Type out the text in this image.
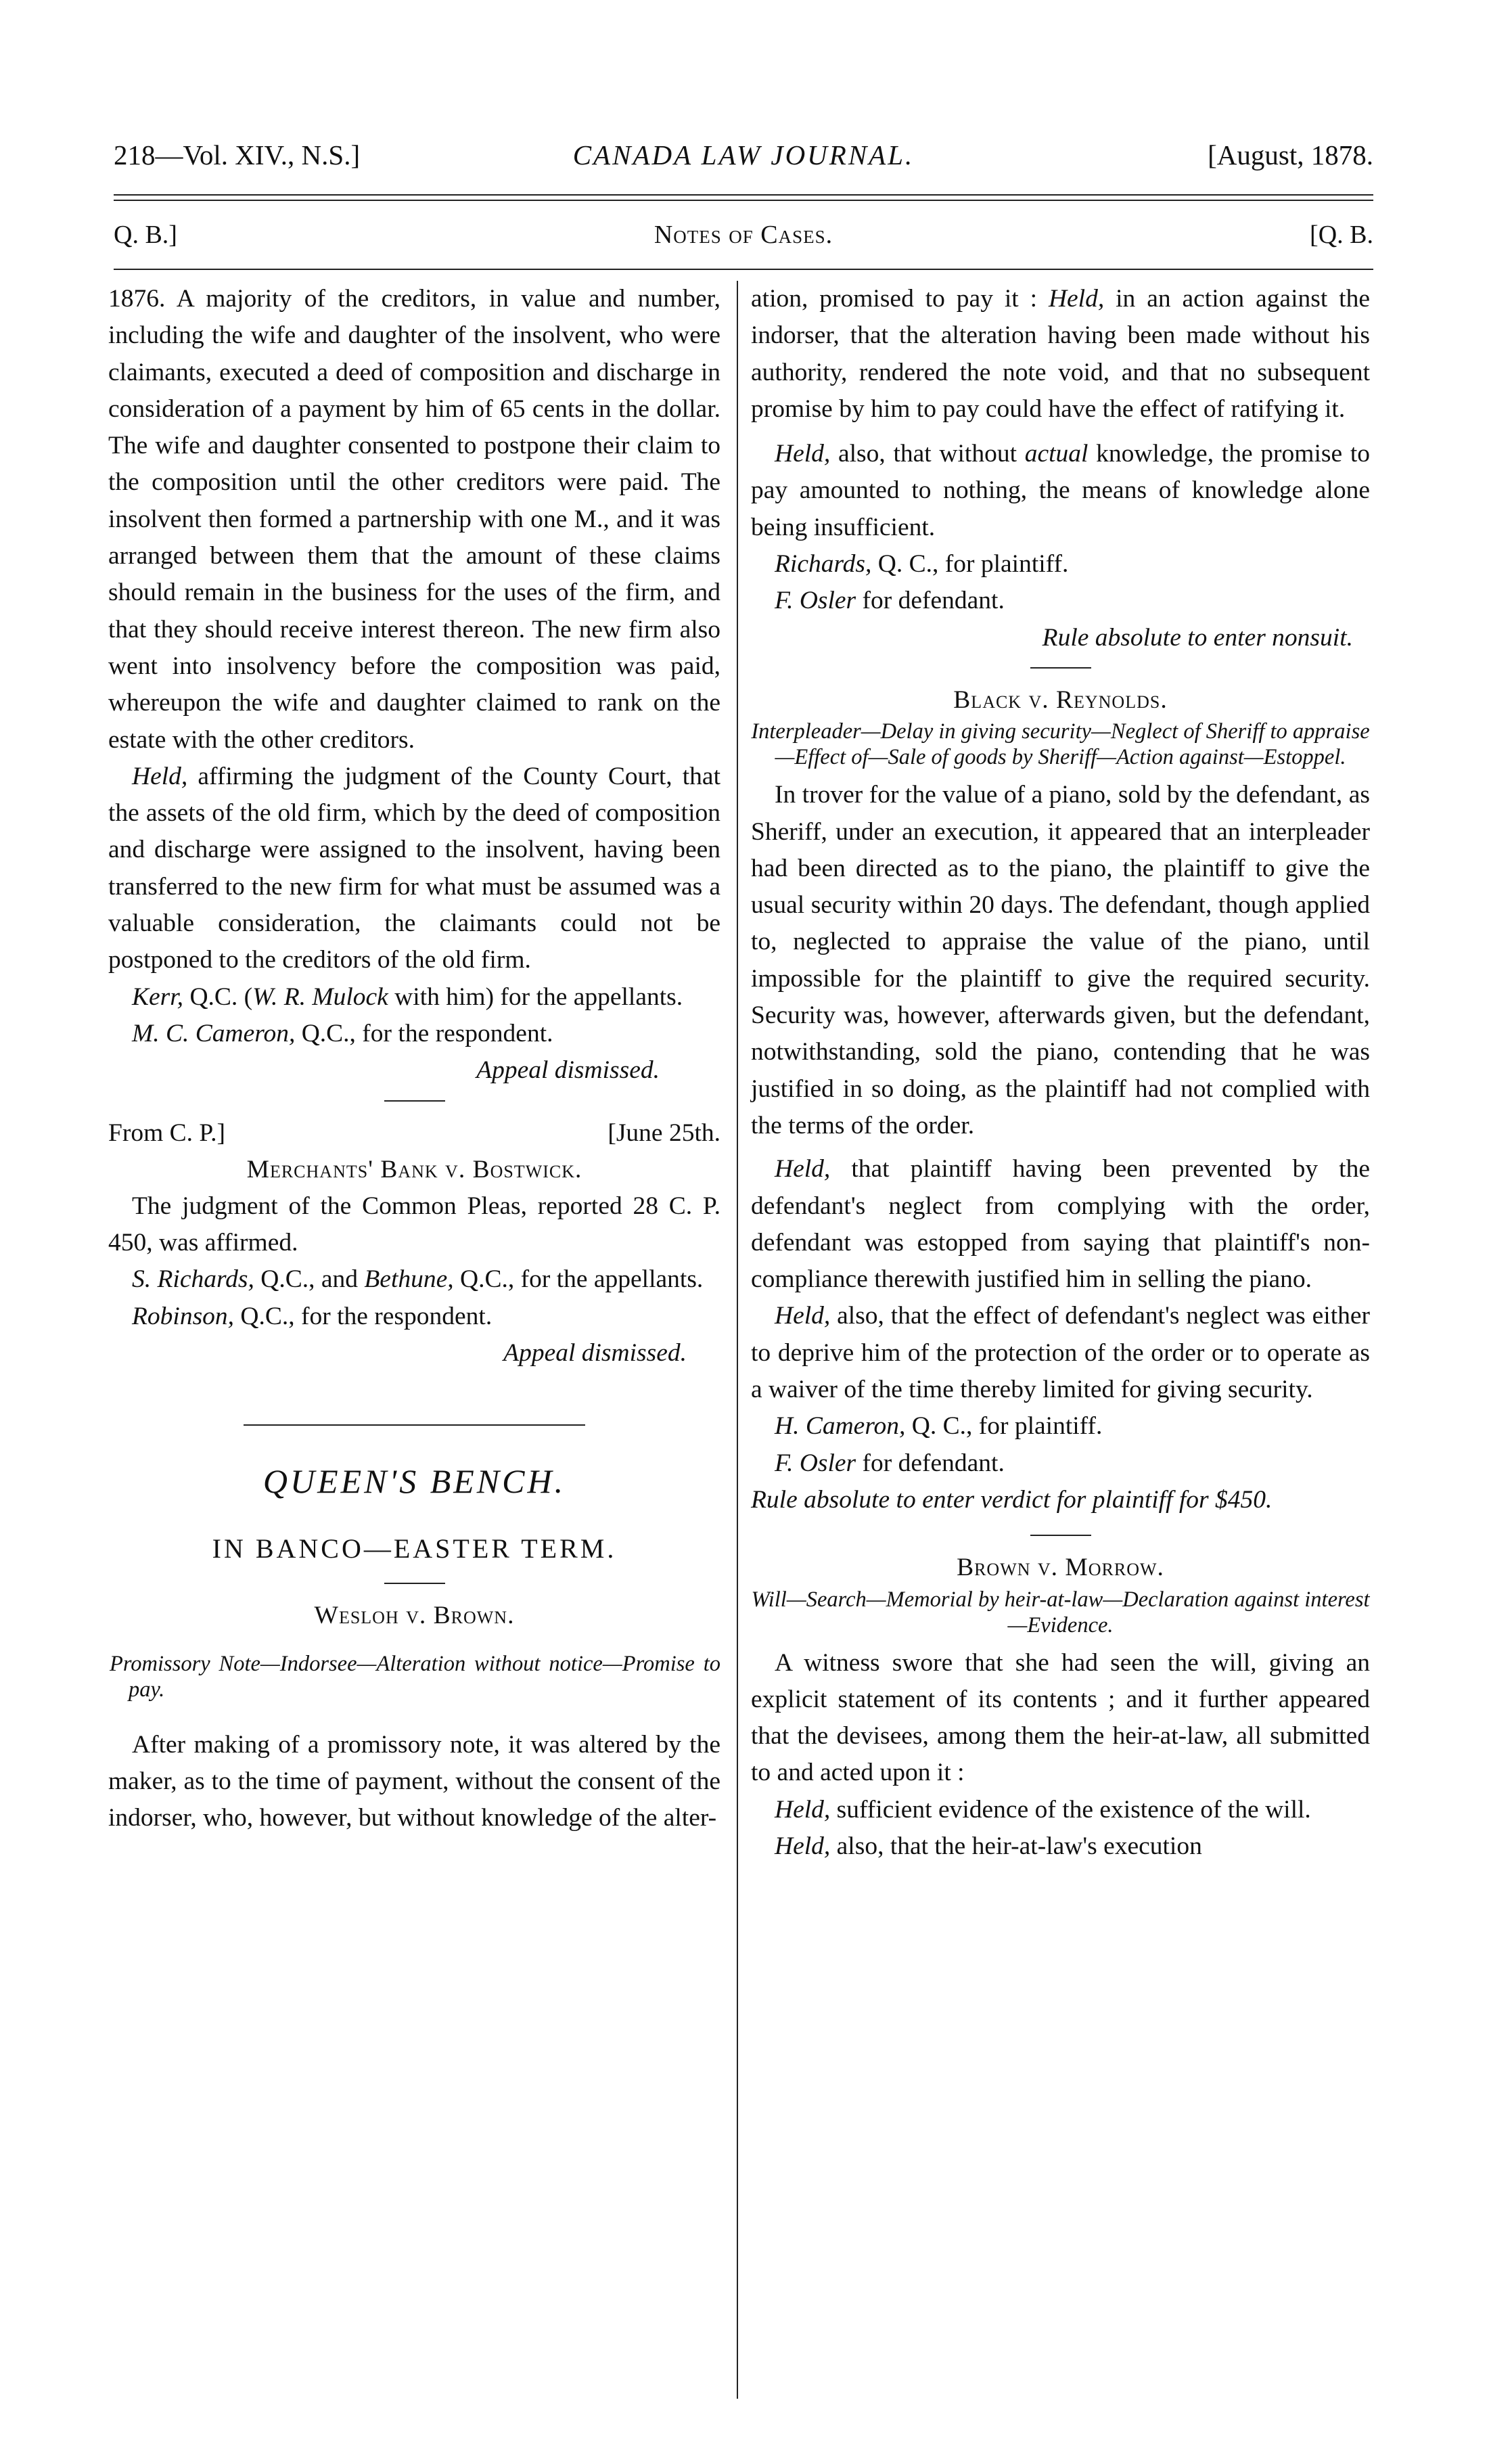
CANADA LAW JOURNAL.
218—Vol. XIV., N.S.]	[August, 1878.
Notes of Cases.
Q. B.]	[Q. B.

1876. A majority of the creditors, in value and number, including the wife and daughter of the insolvent, who were claimants, executed a deed of composition and discharge in consideration of a payment by him of 65 cents in the dollar. The wife and daughter consented to postpone their claim to the composition until the other creditors were paid. The insolvent then formed a partnership with one M., and it was arranged between them that the amount of these claims should remain in the business for the uses of the firm, and that they should receive interest thereon. The new firm also went into insolvency before the composition was paid, whereupon the wife and daughter claimed to rank on the estate with the other creditors.

Held, affirming the judgment of the County Court, that the assets of the old firm, which by the deed of composition and discharge were assigned to the insolvent, having been transferred to the new firm for what must be assumed was a valuable consideration, the claimants could not be postponed to the creditors of the old firm.

Kerr, Q.C. (W. R. Mulock with him) for the appellants.

M. C. Cameron, Q.C., for the respondent.

Appeal dismissed.

From C. P.]	[June 25th.

Merchants' Bank v. Bostwick.

The judgment of the Common Pleas, reported 28 C. P. 450, was affirmed.

S. Richards, Q.C., and Bethune, Q.C., for the appellants.

Robinson, Q.C., for the respondent.

Appeal dismissed.

QUEEN'S BENCH.
IN BANCO—EASTER TERM.

Wesloh v. Brown.

Promissory Note—Indorsee—Alteration without notice—Promise to pay.

After making of a promissory note, it was altered by the maker, as to the time of payment, without the consent of the indorser, who, however, but without knowledge of the alter-

ation, promised to pay it : Held, in an action against the indorser, that the alteration having been made without his authority, rendered the note void, and that no subsequent promise by him to pay could have the effect of ratifying it.

Held, also, that without actual knowledge, the promise to pay amounted to nothing, the means of knowledge alone being insufficient.

Richards, Q. C., for plaintiff.

F. Osler for defendant.

Rule absolute to enter nonsuit.

Black v. Reynolds.

Interpleader—Delay in giving security—Neglect of Sheriff to appraise—Effect of—Sale of goods by Sheriff—Action against—Estoppel.

In trover for the value of a piano, sold by the defendant, as Sheriff, under an execution, it appeared that an interpleader had been directed as to the piano, the plaintiff to give the usual security within 20 days. The defendant, though applied to, neglected to appraise the value of the piano, until impossible for the plaintiff to give the required security. Security was, however, afterwards given, but the defendant, notwithstanding, sold the piano, contending that he was justified in so doing, as the plaintiff had not complied with the terms of the order.

Held, that plaintiff having been prevented by the defendant's neglect from complying with the order, defendant was estopped from saying that plaintiff's non-compliance therewith justified him in selling the piano.

Held, also, that the effect of defendant's neglect was either to deprive him of the protection of the order or to operate as a waiver of the time thereby limited for giving security.

H. Cameron, Q. C., for plaintiff.

F. Osler for defendant.

Rule absolute to enter verdict for plaintiff for $450.

Brown v. Morrow.

Will—Search—Memorial by heir-at-law—Declaration against interest—Evidence.

A witness swore that she had seen the will, giving an explicit statement of its contents ; and it further appeared that the devisees, among them the heir-at-law, all submitted to and acted upon it :

Held, sufficient evidence of the existence of the will.

Held, also, that the heir-at-law's execution
